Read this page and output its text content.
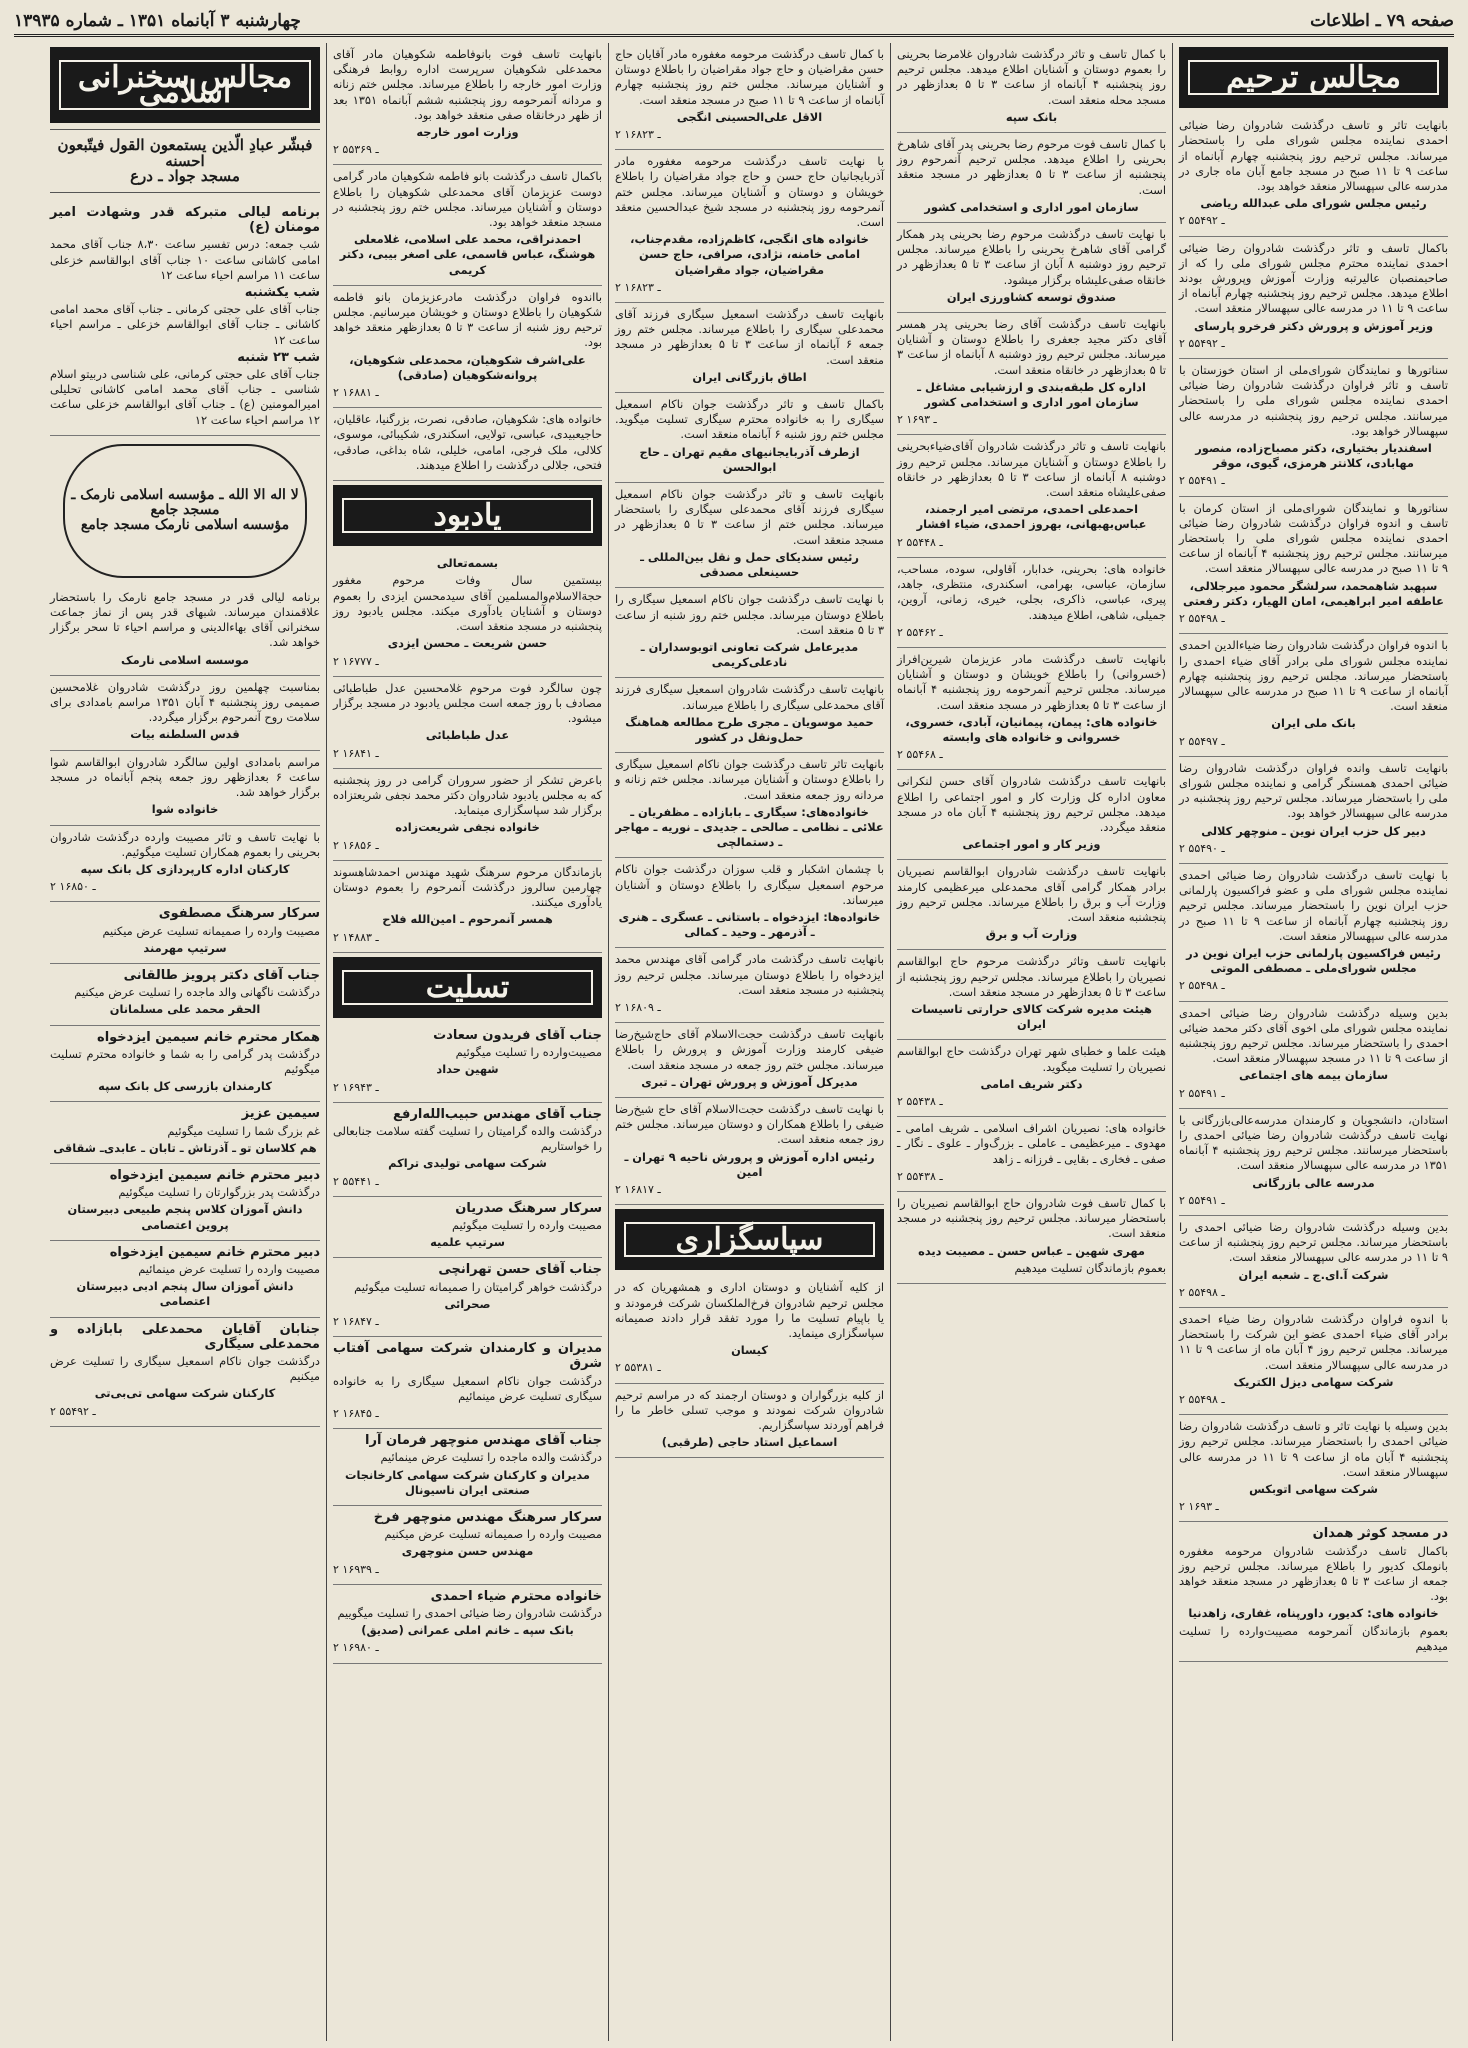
صفحه ۷۹ ـ اطلاعات
چهارشنبه ۳ آبانماه ۱۳۵۱ ـ شماره ۱۳۹۳۵
مجالس ترحیم

بانهایت تاثر و تاسف درگذشت شادروان رضا ضیائی احمدی نماینده مجلس شورای ملی را باستحضار میرساند. مجلس ترحیم روز پنجشنبه چهارم آبانماه از ساعت ۹ تا ۱۱ صبح در مسجد جامع آبان ماه جاری در مدرسه عالی سپهسالار منعقد خواهد بود.

رئیس مجلس شورای ملی عبدالله ریاضی

۲ ـ ۵۵۴۹۲

باکمال تاسف و تاثر درگذشت شادروان رضا ضیائی احمدی نماینده محترم مجلس شورای ملی را که از صاحبمنصبان عالیرتبه وزارت آموزش وپرورش بودند اطلاع میدهد. مجلس ترحیم روز پنجشنبه چهارم آبانماه از ساعت ۹ تا ۱۱ در مدرسه عالی سپهسالار منعقد است.

وزیر آموزش و پرورش دکتر فرخرو پارسای

۲ ـ ۵۵۴۹۲

سناتورها و نمایندگان شورای‌ملی از استان خوزستان با تاسف و تاثر فراوان درگذشت شادروان رضا ضیائی احمدی نماینده مجلس شورای ملی را باستحضار میرسانند. مجلس ترحیم روز پنجشنبه در مدرسه عالی سپهسالار خواهد بود.

اسفندیار بختیاری، دکتر مصباح‌زاده، منصور مهابادی، کلانتر هرمزی، گیوی، موقر

۲ ـ ۵۵۴۹۱

سناتورها و نمایندگان شورای‌ملی از استان کرمان با تاسف و اندوه فراوان درگذشت شادروان رضا ضیائی احمدی نماینده مجلس شورای ملی را باستحضار میرسانند. مجلس ترحیم روز پنجشنبه ۴ آبانماه از ساعت ۹ تا ۱۱ صبح در مدرسه عالی سپهسالار منعقد است.

سپهبد شاهمحمد، سرلشگر محمود میرجلالی، عاطفه امیر ابراهیمی، امان الهیار، دکتر رفعتی

۲ ـ ۵۵۴۹۸

با اندوه فراوان درگذشت شادروان رضا ضیاءالدین احمدی نماینده مجلس شورای ملی برادر آقای ضیاء احمدی را باستحضار میرساند. مجلس ترحیم روز پنجشنبه چهارم آبانماه از ساعت ۹ تا ۱۱ صبح در مدرسه عالی سپهسالار منعقد است.

بانک ملی ایران

۲ ـ ۵۵۴۹۷

بانهایت تاسف وانده فراوان درگذشت شادروان رضا ضیائی احمدی همسنگر گرامی و نماینده مجلس شورای ملی را باستحضار میرساند. مجلس ترحیم روز پنجشنبه در مدرسه عالی سپهسالار خواهد بود.

دبیر کل حزب ایران نوین ـ منوچهر کلالی

۲ ـ ۵۵۴۹۰

با نهایت تاسف درگذشت شادروان رضا ضیائی احمدی نماینده مجلس شورای ملی و عضو فراکسیون پارلمانی حزب ایران نوین را باستحضار میرساند. مجلس ترحیم روز پنجشنبه چهارم آبانماه از ساعت ۹ تا ۱۱ صبح در مدرسه عالی سپهسالار منعقد است.

رئیس فراکسیون پارلمانی حزب ایران نوین در مجلس شورای‌ملی ـ مصطفی الموتی

۲ ـ ۵۵۴۹۸

بدین وسیله درگذشت شادروان رضا ضیائی احمدی نماینده مجلس شورای ملی اخوی آقای دکتر محمد ضیائی احمدی را باستحضار میرساند. مجلس ترحیم روز پنجشنبه از ساعت ۹ تا ۱۱ در مسجد سپهسالار منعقد است.

سازمان بیمه های اجتماعی

۲ ـ ۵۵۴۹۱

استادان، دانشجویان و کارمندان مدرسه‌عالی‌بازرگانی با نهایت تاسف درگذشت شادروان رضا ضیائی احمدی را باستحضار میرسانند. مجلس ترحیم روز پنجشنبه ۴ آبانماه ۱۳۵۱ در مدرسه عالی سپهسالار منعقد است.

مدرسه عالی بازرگانی

۲ ـ ۵۵۴۹۱

بدین وسیله درگذشت شادروان رضا ضیائی احمدی را باستحضار میرساند. مجلس ترحیم روز پنجشنبه از ساعت ۹ تا ۱۱ در مدرسه عالی سپهسالار منعقد است.

شرکت آ.ای.ج ـ شعبه ایران

۲ ـ ۵۵۴۹۸

با اندوه فراوان درگذشت شادروان رضا ضیاء احمدی برادر آقای ضیاء احمدی عضو این شرکت را باستحضار میرساند. مجلس ترحیم روز ۴ آبان ماه از ساعت ۹ تا ۱۱ در مدرسه عالی سپهسالار منعقد است.

شرکت سهامی دیزل الکتریک

۲ ـ ۵۵۴۹۸

بدین وسیله با نهایت تاثر و تاسف درگذشت شادروان رضا ضیائی احمدی را باستحضار میرساند. مجلس ترحیم روز پنجشنبه ۴ آبان ماه از ساعت ۹ تا ۱۱ در مدرسه عالی سپهسالار منعقد است.

شرکت سهامی اتوبکس

۲ ـ ۱۶۹۳

در مسجد کوثر همدان

باکمال تاسف درگذشت شادروان مرحومه مغفوره بانوملک کدیور را باطلاع میرساند. مجلس ترحیم روز جمعه از ساعت ۳ تا ۵ بعدازظهر در مسجد منعقد خواهد بود.

خانواده های: کدیور، داورپناه، غفاری، زاهدنیا

بعموم بازماندگان آنمرحومه مصیبت‌وارده را تسلیت میدهیم

با کمال تاسف و تاثر درگذشت شادروان غلامرضا بحرینی را بعموم دوستان و آشنایان اطلاع میدهد. مجلس ترحیم روز پنجشنبه ۴ آبانماه از ساعت ۳ تا ۵ بعدازظهر در مسجد محله منعقد است.

بانک سپه

با کمال تاسف فوت مرحوم رضا بحرینی پدر آقای شاهرخ بحرینی را اطلاع میدهد. مجلس ترحیم آنمرحوم روز پنجشنبه از ساعت ۳ تا ۵ بعدازظهر در مسجد منعقد است.

سازمان امور اداری و استخدامی کشور

با نهایت تاسف درگذشت مرحوم رضا بحرینی پدر همکار گرامی آقای شاهرخ بحرینی را باطلاع میرساند. مجلس ترحیم روز دوشنبه ۸ آبان از ساعت ۳ تا ۵ بعدازظهر در خانقاه صفی‌علیشاه برگزار میشود.

صندوق توسعه کشاورزی ایران

بانهایت تاسف درگذشت آقای رضا بحرینی پدر همسر آقای دکتر مجید جعفری را باطلاع دوستان و آشنایان میرساند. مجلس ترحیم روز دوشنبه ۸ آبانماه از ساعت ۳ تا ۵ بعدازظهر در خانقاه منعقد است.

اداره کل طبقه‌بندی و ارزشیابی مشاغل ـ سازمان امور اداری و استخدامی کشور

۲ ـ ۱۶۹۳

بانهایت تاسف و تاثر درگذشت شادروان آقای‌ضیاءبحرینی را باطلاع دوستان و آشنایان میرساند. مجلس ترحیم روز دوشنبه ۸ آبانماه از ساعت ۳ تا ۵ بعدازظهر در خانقاه صفی‌علیشاه منعقد است.

احمدعلی احمدی، مرتضی امیر ارجمند، عباس‌بهبهانی، بهروز احمدی، ضیاء افشار

۲ ـ ۵۵۴۴۸

خانواده های: بحرینی، خدابار، آقاولی، سوده، مساحب، سازمان، عباسی، بهرامی، اسکندری، منتظری، جاهد، پیری، عباسی، ذاکری، بجلی، خیری، زمانی، آروین، جمیلی، شاهی، اطلاع میدهند.

۲ ـ ۵۵۴۶۲

بانهایت تاسف درگذشت مادر عزیزمان شیرین‌افراز (خسروانی) را باطلاع خویشان و دوستان و آشنایان میرساند. مجلس ترحیم آنمرحومه روز پنجشنبه ۴ آبانماه از ساعت ۳ تا ۵ بعدازظهر در مسجد منعقد است.

خانواده های: پیمان، پیمانیان، آبادی، خسروی، خسروانی و خانواده های وابسته

۲ ـ ۵۵۴۶۸

بانهایت تاسف درگذشت شادروان آقای حسن لنکرانی معاون اداره کل وزارت کار و امور اجتماعی را اطلاع میدهد. مجلس ترحیم روز پنجشنبه ۴ آبان ماه در مسجد منعقد میگردد.

وزیر کار و امور اجتماعی

بانهایت تاسف درگذشت شادروان ابوالقاسم نصیریان برادر همکار گرامی آقای محمدعلی میرعظیمی کارمند وزارت آب و برق را باطلاع میرساند. مجلس ترحیم روز پنجشنبه منعقد است.

وزارت آب و برق

بانهایت تاسف وتاثر درگذشت مرحوم حاج ابوالقاسم نصیریان را باطلاع میرساند. مجلس ترحیم روز پنجشنبه از ساعت ۳ تا ۵ بعدازظهر در مسجد منعقد است.

هیئت مدیره شرکت کالای حرارتی تاسیسات ایران

هیئت علما و خطبای شهر تهران درگذشت حاج ابوالقاسم نصیریان را تسلیت میگوید.

دکتر شریف امامی

۲ ـ ۵۵۴۳۸

خانواده های: نصیریان اشراف اسلامی ـ شریف امامی ـ مهدوی ـ میرعظیمی ـ عاملی ـ بزرگ‌وار ـ علوی ـ نگار ـ صفی ـ فخاری ـ بقایی ـ فرزانه ـ زاهد

۲ ـ ۵۵۴۳۸

با کمال تاسف فوت شادروان حاج ابوالقاسم نصیریان را باستحضار میرساند. مجلس ترحیم روز پنجشنبه در مسجد منعقد است.

مهری شهین ـ عباس حسن ـ مصیبت دیده

بعموم بازماندگان تسلیت میدهیم

با کمال تاسف درگذشت مرحومه مغفوره مادر آقایان حاج حسن مقراضیان و حاج جواد مقراضیان را باطلاع دوستان و آشنایان میرساند. مجلس ختم روز پنجشنبه چهارم آبانماه از ساعت ۹ تا ۱۱ صبح در مسجد منعقد است.

الاقل علی‌الحسینی انگجی

۲ ـ ۱۶۸۲۳

با نهایت تاسف درگذشت مرحومه مغفوره مادر آذربایجانیان حاج حسن و حاج جواد مقراضیان را باطلاع خویشان و دوستان و آشنایان میرساند. مجلس ختم آنمرحومه روز پنجشنبه در مسجد شیخ عبدالحسین منعقد است.

خانواده های انگجی، کاظم‌زاده، مقدم‌جناب، امامی خامنه، نژادی، صرافی، حاج حسن مقراضیان، جواد مقراضیان

۲ ـ ۱۶۸۲۳

بانهایت تاسف درگذشت اسمعیل سیگاری فرزند آقای محمدعلی سیگاری را باطلاع میرساند. مجلس ختم روز جمعه ۶ آبانماه از ساعت ۳ تا ۵ بعدازظهر در مسجد منعقد است.

اطاق بازرگانی ایران

باکمال تاسف و تاثر درگذشت جوان ناکام اسمعیل سیگاری را به خانواده محترم سیگاری تسلیت میگوید. مجلس ختم روز شنبه ۶ آبانماه منعقد است.

ازطرف آذربایجانیهای مقیم تهران ـ حاج ابوالحسن

بانهایت تاسف و تاثر درگذشت جوان ناکام اسمعیل سیگاری فرزند آقای محمدعلی سیگاری را باستحضار میرساند. مجلس ختم از ساعت ۳ تا ۵ بعدازظهر در مسجد منعقد است.

رئیس سندیکای حمل و نقل بین‌المللی ـ حسینعلی مصدقی

با نهایت تاسف درگذشت جوان ناکام اسمعیل سیگاری را باطلاع دوستان میرساند. مجلس ختم روز شنبه از ساعت ۳ تا ۵ منعقد است.

مدیرعامل شرکت تعاونی اتوبوسداران ـ نادعلی‌کریمی

بانهایت تاسف درگذشت شادروان اسمعیل سیگاری فرزند آقای محمدعلی سیگاری را باطلاع میرساند.

حمید موسویان ـ مجری طرح مطالعه هماهنگ حمل‌ونقل در کشور

بانهایت تاثر تاسف درگذشت جوان ناکام اسمعیل سیگاری را باطلاع دوستان و آشنایان میرساند. مجلس ختم زنانه و مردانه روز جمعه منعقد است.

خانواده‌های: سیگاری ـ بابازاده ـ مظفریان ـ علائی ـ نظامی ـ صالحی ـ جدیدی ـ نوریه ـ مهاجر ـ دستمالچی

با چشمان اشکبار و قلب سوزان درگذشت جوان ناکام مرحوم اسمعیل سیگاری را باطلاع دوستان و آشنایان میرساند.

خانواده‌ها: ایزدخواه ـ باستانی ـ عسگری ـ هنری ـ آذرمهر ـ وحید ـ کمالی

بانهایت تاسف درگذشت مادر گرامی آقای مهندس محمد ایزدخواه را باطلاع دوستان میرساند. مجلس ترحیم روز پنجشنبه در مسجد منعقد است.

۲ ـ ۱۶۸۰۹

بانهایت تاسف درگذشت حجت‌الاسلام آقای حاج‌شیخ‌رضا ضیفی کارمند وزارت آموزش و پرورش را باطلاع میرساند. مجلس ختم روز جمعه در مسجد منعقد است.

مدیرکل آموزش و پرورش تهران ـ تبری

با نهایت تاسف درگذشت حجت‌الاسلام آقای حاج شیخ‌رضا ضیفی را باطلاع همکاران و دوستان میرساند. مجلس ختم روز جمعه منعقد است.

رئیس اداره آموزش و پرورش ناحیه ۹ تهران ـ امین

۲ ـ ۱۶۸۱۷

سپاسگزاری

از کلیه آشنایان و دوستان اداری و همشهریان که در مجلس ترحیم شادروان فرخ‌الملکسان شرکت فرمودند و یا باپیام تسلیت ما را مورد تفقد قرار دادند صمیمانه سپاسگزاری مینماید.

کیسان

۲ ـ ۵۵۳۸۱

از کلیه بزرگواران و دوستان ارجمند که در مراسم ترحیم شادروان شرکت نمودند و موجب تسلی خاطر ما را فراهم آوردند سپاسگزاریم.

اسماعیل استاد حاجی (طرقبی)

بانهایت تاسف فوت بانوفاطمه شکوهیان مادر آقای محمدعلی شکوهیان سرپرست اداره روابط فرهنگی وزارت امور خارجه را باطلاع میرساند. مجلس ختم زنانه و مردانه آنمرحومه روز پنجشنبه ششم آبانماه ۱۳۵۱ بعد از ظهر درخانقاه صفی منعقد خواهد بود.

وزارت امور خارجه

۲ ـ ۵۵۳۶۹

باکمال تاسف درگذشت بانو فاطمه شکوهیان مادر گرامی دوست عزیزمان آقای محمدعلی شکوهیان را باطلاع دوستان و آشنایان میرساند. مجلس ختم روز پنجشنبه در مسجد منعقد خواهد بود.

احمدنراقی، محمد علی اسلامی، غلامعلی هوشنگ، عباس قاسمی، علی اصغر بیبی، دکتر کریمی

بااندوه فراوان درگذشت مادرعزیزمان بانو فاطمه شکوهیان را باطلاع دوستان و خویشان میرسانیم. مجلس ترحیم روز شنبه از ساعت ۳ تا ۵ بعدازظهر منعقد خواهد بود.

علی‌اشرف شکوهیان، محمدعلی شکوهیان، پروانه‌شکوهیان (صادقی)

۲ ـ ۱۶۸۸۱

خانواده های: شکوهیان، صادقی، نصرت، بزرگنیا، عاقلیان، حاجیعبیدی، عباسی، تولایی، اسکندری، شکیبائی، موسوی، کلالی، ملک فرجی، امامی، خلیلی، شاه بداغی، صادقی، فتحی، جلالی درگذشت را اطلاع میدهند.

یادبود

بسمه‌تعالی

بیستمین سال وفات مرحوم مغفور حجة‌الاسلام‌والمسلمین آقای سیدمحسن ایزدی را بعموم دوستان و آشنایان یادآوری میکند. مجلس یادبود روز پنجشنبه در مسجد منعقد است.

حسن شریعت ـ محسن ایزدی

۲ ـ ۱۶۷۷۷

چون سالگرد فوت مرحوم غلامحسین عدل طباطبائی مصادف با روز جمعه است مجلس یادبود در مسجد برگزار میشود.

عدل طباطبائی

۲ ـ ۱۶۸۴۱

باعرض تشکر از حضور سروران گرامی در روز پنجشنبه که به مجلس یادبود شادروان دکتر محمد نجفی شریعتزاده برگزار شد سپاسگزاری مینماید.

خانواده نجفی شریعت‌زاده

۲ ـ ۱۶۸۵۶

بازماندگان مرحوم سرهنگ شهید مهندس احمدشاهسوند چهارمین سالروز درگذشت آنمرحوم را بعموم دوستان یادآوری میکنند.

همسر آنمرحوم ـ امین‌الله فلاح

۲ ـ ۱۴۸۸۳

تسلیت

جناب آقای فریدون سعادت

مصیبت‌وارده را تسلیت میگوئیم

شهین حداد

۲ ـ ۱۶۹۴۳

جناب آقای مهندس حبیب‌الله‌ارفع

درگذشت والده گرامیتان را تسلیت گفته سلامت جنابعالی را خواستاریم

شرکت سهامی تولیدی تراکم

۲ ـ ۵۵۴۴۱

سرکار سرهنگ صدریان

مصیبت وارده را تسلیت میگوئیم

سرتیپ علمیه

جناب آقای حسن تهرانچی

درگذشت خواهر گرامیتان را صمیمانه تسلیت میگوئیم

صحرائی

۲ ـ ۱۶۸۴۷

مدیران و کارمندان شرکت سهامی آفتاب شرق

درگذشت جوان ناکام اسمعیل سیگاری را به خانواده سیگاری تسلیت عرض مینمائیم

۲ ـ ۱۶۸۴۵

جناب آقای مهندس منوچهر فرمان آرا

درگذشت والده ماجده را تسلیت عرض مینمائیم

مدیران و کارکنان شرکت سهامی کارخانجات صنعتی ایران ناسیونال

سرکار سرهنگ مهندس منوچهر فرخ

مصیبت وارده را صمیمانه تسلیت عرض میکنیم

مهندس حسن منوچهری

۲ ـ ۱۶۹۳۹

خانواده محترم ضیاء احمدی

درگذشت شادروان رضا ضیائی احمدی را تسلیت میگوییم

بانک سپه ـ خانم املی عمرانی (صدیق)

۲ ـ ۱۶۹۸۰

مجالس سخنرانی اسلامی
فبشّر عبادِ الّذین یستمعون القول فیتّبعون احسنه
مسجد جواد ـ درع

برنامه لیالی متبرکه قدر وشهادت امیر مومنان (ع)

شب جمعه: درس تفسیر ساعت ۸،۳۰ جناب آقای محمد امامی کاشانی ساعت ۱۰ جناب آقای ابوالقاسم خزعلی ساعت ۱۱ مراسم احیاء ساعت ۱۲

شب یکشنبه

جناب آقای علی حجتی کرمانی ـ جناب آقای محمد امامی کاشانی ـ جناب آقای ابوالقاسم خزعلی ـ مراسم احیاء ساعت ۱۲

شب ۲۳ شنبه

جناب آقای علی حجتی کرمانی، علی شناسی دربیتو اسلام شناسی ـ جناب آقای محمد امامی کاشانی تحلیلی امیرالمومنین (ع) ـ جناب آقای ابوالقاسم خزعلی ساعت ۱۲ مراسم احیاء ساعت ۱۲

لا اله الا الله ـ مؤسسه اسلامی نارمک ـ مسجد جامع
مؤسسه اسلامی نارمک مسجد جامع

برنامه لیالی قدر در مسجد جامع نارمک را باستحضار علاقمندان میرساند. شبهای قدر پس از نماز جماعت سخنرانی آقای بهاءالدینی و مراسم احیاء تا سحر برگزار خواهد شد.

موسسه اسلامی نارمک

بمناسبت چهلمین روز درگذشت شادروان غلامحسین صمیمی روز پنجشنبه ۴ آبان ۱۳۵۱ مراسم بامدادی برای سلامت روح آنمرحوم برگزار میگردد.

قدس السلطنه بیات

مراسم بامدادی اولین سالگرد شادروان ابوالقاسم شوا ساعت ۶ بعدازظهر روز جمعه پنجم آبانماه در مسجد برگزار خواهد شد.

خانواده شوا

با نهایت تاسف و تاثر مصیبت وارده درگذشت شادروان بحرینی را بعموم همکاران تسلیت میگوئیم.

کارکنان اداره کارپردازی کل بانک سپه

۲ ـ ۱۶۸۵۰

سرکار سرهنگ مصطفوی

مصیبت وارده را صمیمانه تسلیت عرض میکنیم

سرتیپ مهرمند

جناب آقای دکتر پرویز طالقانی

درگذشت ناگهانی والد ماجده را تسلیت عرض میکنیم

الحقر محمد علی مسلمانان

همکار محترم خانم سیمین ایزدخواه

درگذشت پدر گرامی را به شما و خانواده محترم تسلیت میگوئیم

کارمندان بازرسی کل بانک سپه

سیمین عزیز

غم بزرگ شما را تسلیت میگوئیم

هم کلاسان تو ـ آذرتاش ـ تابان ـ عابدی‌ـ شقاقی

دبیر محترم خانم سیمین ایزدخواه

درگذشت پدر بزرگوارتان را تسلیت میگوئیم

دانش آموزان کلاس پنجم طبیعی دبیرستان پروین اعتصامی

دبیر محترم خانم سیمین ایزدخواه

مصیبت وارده را تسلیت عرض مینمائیم

دانش آموزان سال پنجم ادبی دبیرستان اعتصامی

جنابان آقایان محمدعلی بابازاده و محمدعلی سیگاری

درگذشت جوان ناکام اسمعیل سیگاری را تسلیت عرض میکنیم

کارکنان شرکت سهامی تی‌بی‌تی

۲ ـ ۵۵۴۹۲
